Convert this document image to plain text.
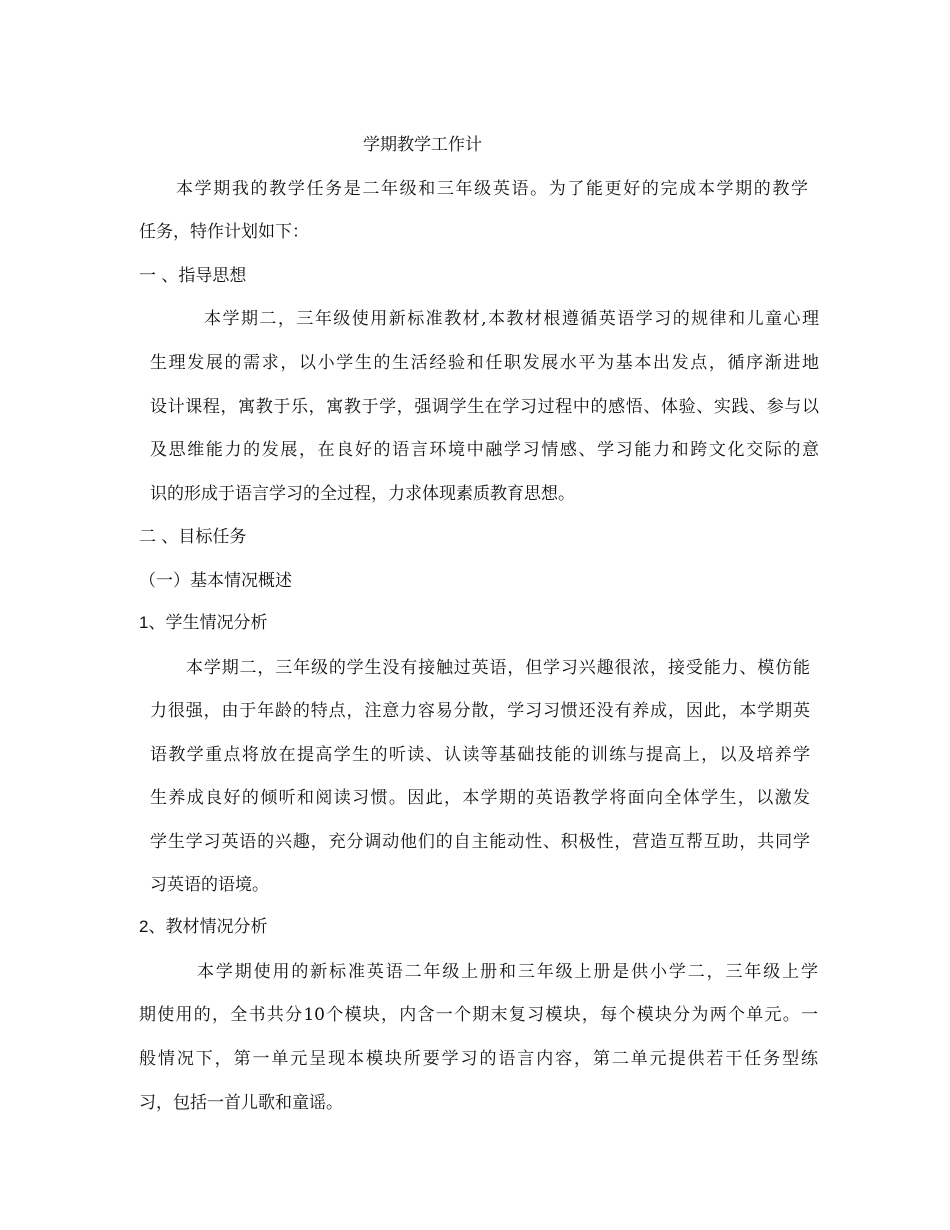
学期教学工作计
本学期我的教学任务是二年级和三年级英语。为了能更好的完成本学期的教学
任务，特作计划如下：
一 、指导思想
本学期二，三年级使用新标准教材,本教材根遵循英语学习的规律和儿童心理
生理发展的需求，以小学生的生活经验和任职发展水平为基本出发点，循序渐进地
设计课程，寓教于乐，寓教于学，强调学生在学习过程中的感悟、体验、实践、参与以
及思维能力的发展，在良好的语言环境中融学习情感、学习能力和跨文化交际的意
识的形成于语言学习的全过程，力求体现素质教育思想。
二 、目标任务
（一）基本情况概述
1、学生情况分析
本学期二，三年级的学生没有接触过英语，但学习兴趣很浓，接受能力、模仿能
力很强，由于年龄的特点，注意力容易分散，学习习惯还没有养成，因此，本学期英
语教学重点将放在提高学生的听读、认读等基础技能的训练与提高上，以及培养学
生养成良好的倾听和阅读习惯。因此，本学期的英语教学将面向全体学生，以激发
学生学习英语的兴趣，充分调动他们的自主能动性、积极性，营造互帮互助，共同学
习英语的语境。
2、教材情况分析
本学期使用的新标准英语二年级上册和三年级上册是供小学二，三年级上学
期使用的，全书共分10个模块，内含一个期末复习模块，每个模块分为两个单元。一
般情况下，第一单元呈现本模块所要学习的语言内容，第二单元提供若干任务型练
习，包括一首儿歌和童谣。
